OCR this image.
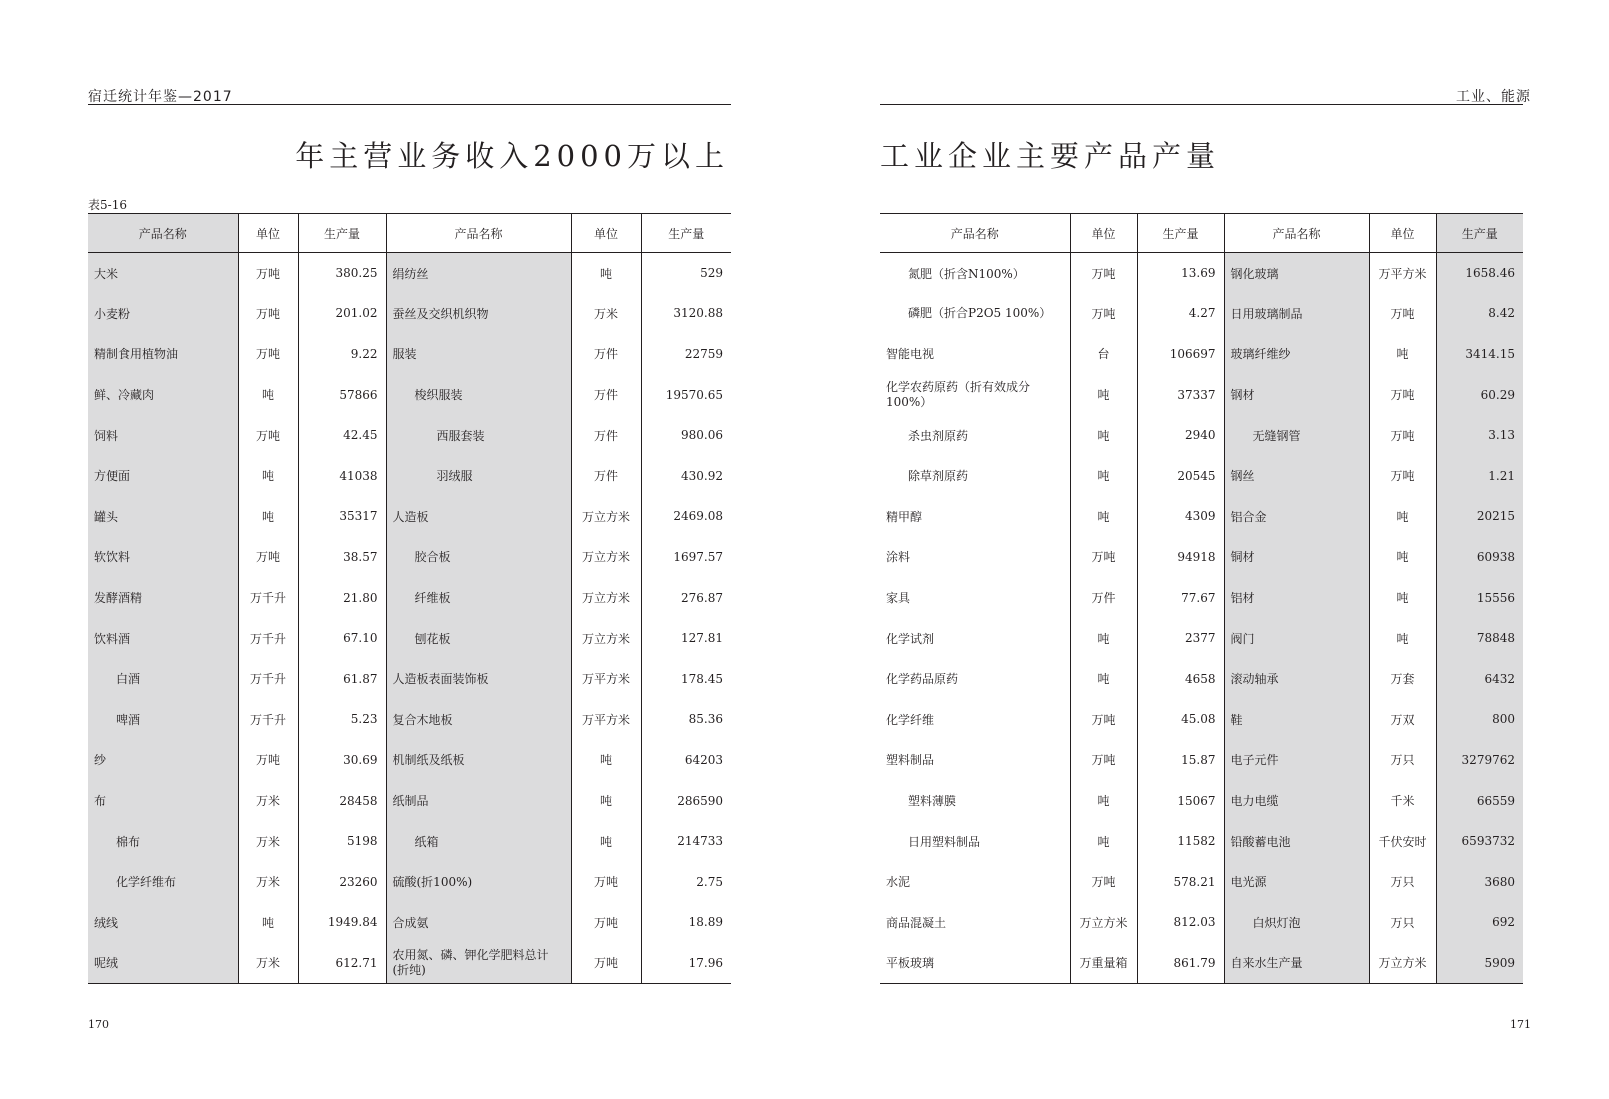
宿迁统计年鉴—2017
年主营业务收入2000万以上
表5-16
产品名称	单位	生产量	产品名称	单位	生产量
大米	万吨	380.25	绢纺丝	吨	529
小麦粉	万吨	201.02	蚕丝及交织机织物	万米	3120.88
精制食用植物油	万吨	9.22	服装	万件	22759
鲜、冷藏肉	吨	57866	梭织服装	万件	19570.65
饲料	万吨	42.45	西服套装	万件	980.06
方便面	吨	41038	羽绒服	万件	430.92
罐头	吨	35317	人造板	万立方米	2469.08
软饮料	万吨	38.57	胶合板	万立方米	1697.57
发酵酒精	万千升	21.80	纤维板	万立方米	276.87
饮料酒	万千升	67.10	刨花板	万立方米	127.81
白酒	万千升	61.87	人造板表面装饰板	万平方米	178.45
啤酒	万千升	5.23	复合木地板	万平方米	85.36
纱	万吨	30.69	机制纸及纸板	吨	64203
布	万米	28458	纸制品	吨	286590
棉布	万米	5198	纸箱	吨	214733
化学纤维布	万米	23260	硫酸(折100%)	万吨	2.75
绒线	吨	1949.84	合成氨	万吨	18.89
呢绒	万米	612.71	农用氮、磷、钾化学肥料总计(折纯)	万吨	17.96
170
工业、能源
工业企业主要产品产量
产品名称	单位	生产量	产品名称	单位	生产量
氮肥（折含N100%）	万吨	13.69	钢化玻璃	万平方米	1658.46
磷肥（折合P2O5 100%）	万吨	4.27	日用玻璃制品	万吨	8.42
智能电视	台	106697	玻璃纤维纱	吨	3414.15
化学农药原药（折有效成分100%）	吨	37337	钢材	万吨	60.29
杀虫剂原药	吨	2940	无缝钢管	万吨	3.13
除草剂原药	吨	20545	钢丝	万吨	1.21
精甲醇	吨	4309	铝合金	吨	20215
涂料	万吨	94918	铜材	吨	60938
家具	万件	77.67	铝材	吨	15556
化学试剂	吨	2377	阀门	吨	78848
化学药品原药	吨	4658	滚动轴承	万套	6432
化学纤维	万吨	45.08	鞋	万双	800
塑料制品	万吨	15.87	电子元件	万只	3279762
塑料薄膜	吨	15067	电力电缆	千米	66559
日用塑料制品	吨	11582	铅酸蓄电池	千伏安时	6593732
水泥	万吨	578.21	电光源	万只	3680
商品混凝土	万立方米	812.03	白炽灯泡	万只	692
平板玻璃	万重量箱	861.79	自来水生产量	万立方米	5909
171
